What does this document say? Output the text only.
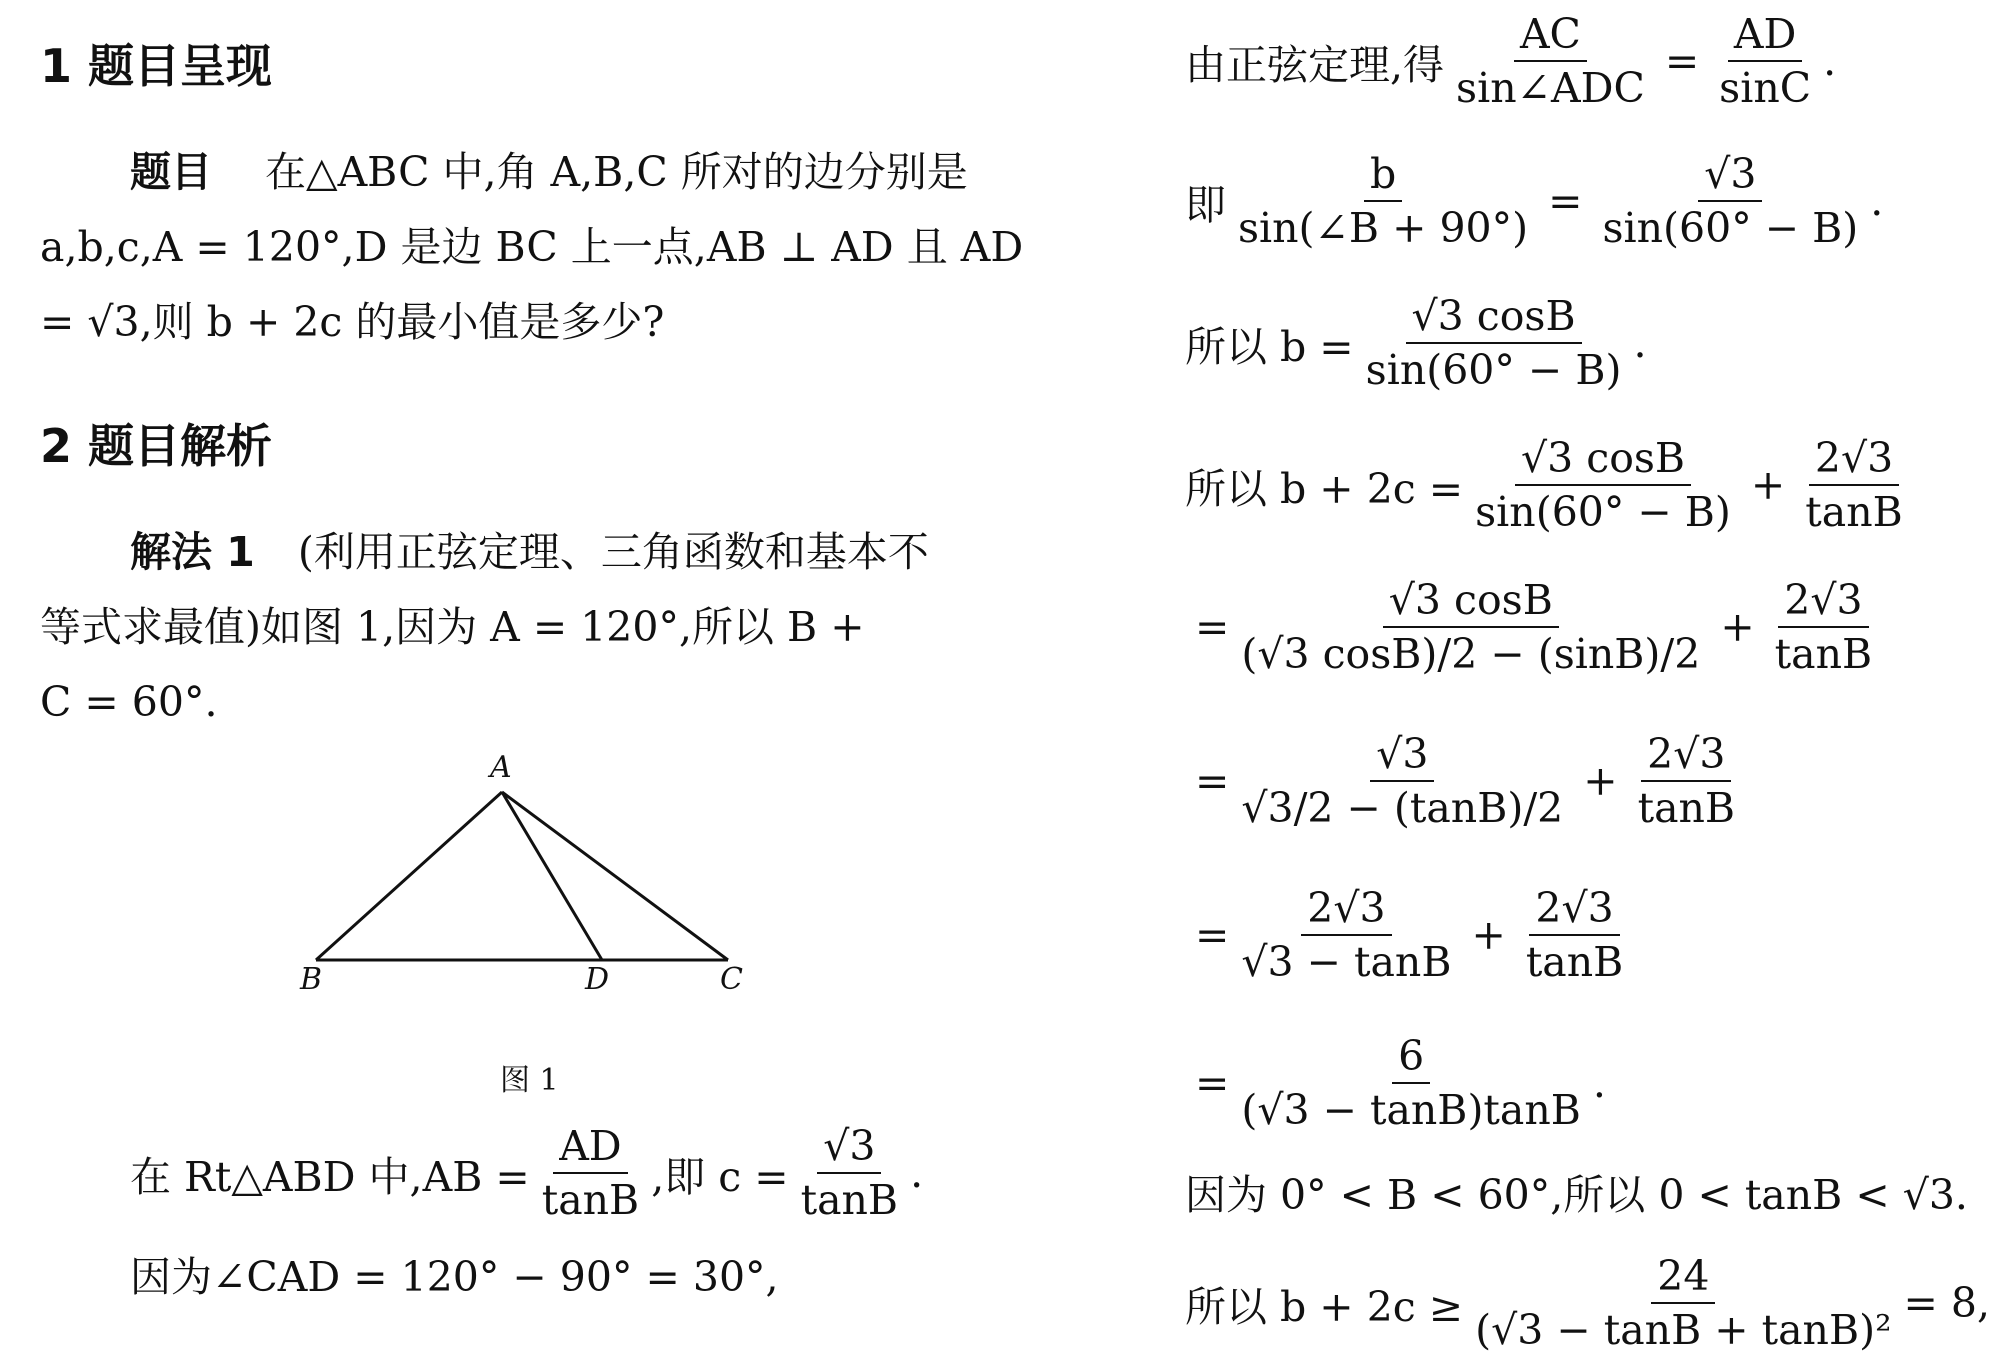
1 题目呈现
题目 在△ABC 中,角 A,B,C 所对的边分别是
a,b,c,A = 120°,D 是边 BC 上一点,AB ⊥ AD 且 AD
= √3,则 b + 2c 的最小值是多少?
2 题目解析
解法 1 (利用正弦定理、三角函数和基本不
等式求最值)如图 1,因为 A = 120°,所以 B +
C = 60°.
A
B	D	C
图 1
在 Rt△ABD 中$,AB = \frac{AD}{\tan B}$ ,即 $c = \frac{√3}{\tan B}$ .
因为∠CAD = 120° − 90° = 30°,
由正弦定理,得 $\frac{AC}{\text{sin∠ADC}} = \frac{AD}{\sin C}$ .
即 $\frac{b}{\sin(\angle B + 90^\circ)} = \frac{√3}{\sin(60^\circ - B)}$ .
所以 $b = \frac{√3 \cos B}{\sin(60^\circ - B)}$ .
所以 $b + 2c = \frac{√3 \cos B}{\sin(60^\circ - B)} + \frac{2√3}{\tan B}$
= $\frac{√3 \cos B}{(√3 \cos B)/2 - (\sin B)/2} + \frac{2√3}{\tan B}$
= $\frac{√3}{√3/2 - (\tan B)/2} + \frac{2√3}{\tan B}$
= $\frac{2√3}{√3 - \tan B} + \frac{2√3}{\tan B}$
= $\frac{6}{(√3 - \tan B)\tan B}$ .
因为 0° < B < 60°,所以 0 < tanB < √3.
所以 $b + 2c \ge \frac{24}{\text{(√3 − tanB + tanB)²}} = 8$,
